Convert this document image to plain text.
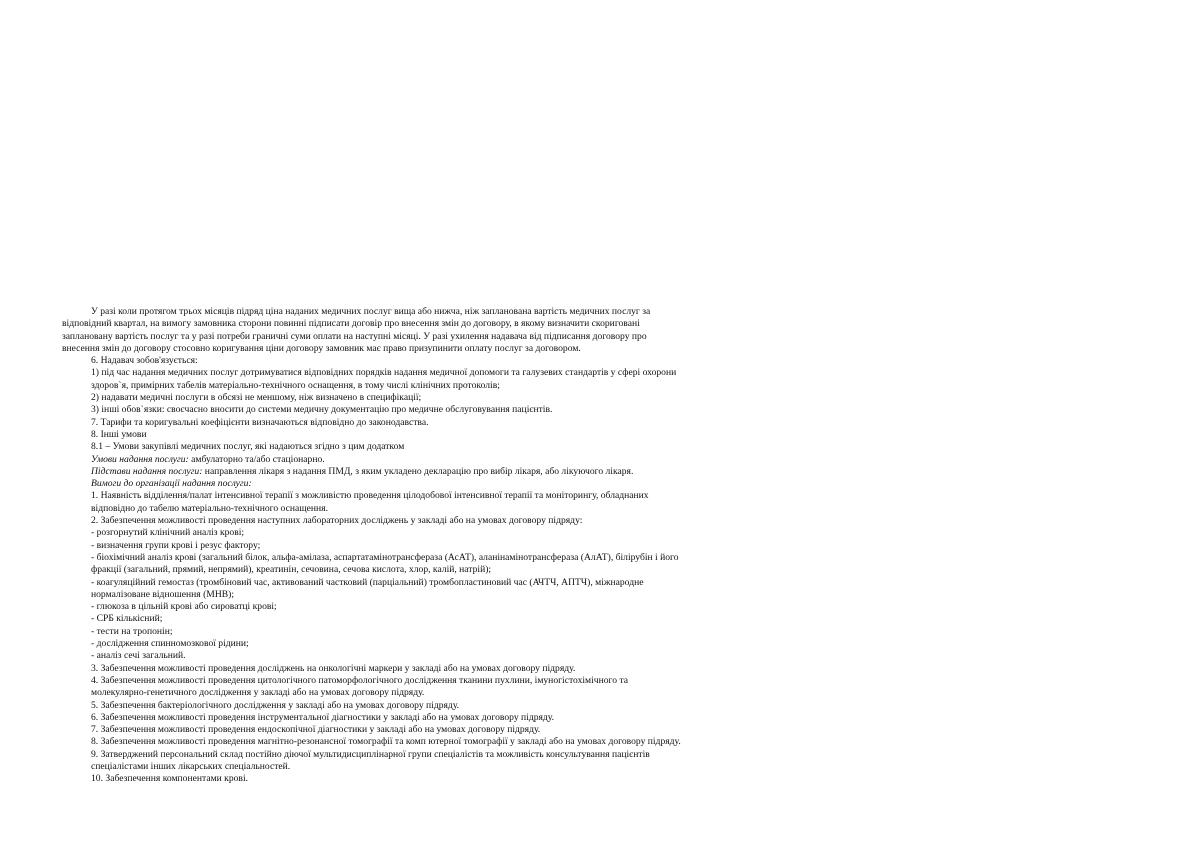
У разі коли протягом трьох місяців підряд ціна наданих медичних послуг вища або нижча, ніж запланована вартість медичних послуг за

відповідний квартал, на вимогу замовника сторони повинні підписати договір про внесення змін до договору, в якому визначити скориговані

заплановану вартість послуг та у разі потреби граничні суми оплати на наступні місяці. У разі ухилення надавача від підписання договору про

внесення змін до договору стосовно коригування ціни договору замовник має право призупинити оплату послуг за договором.

6. Надавач зобов'язується:

1) під час надання медичних послуг дотримуватися відповідних порядків надання медичної допомоги та галузевих стандартів у сфері охорони

здоров`я, примірних табелів матеріально-технічного оснащення, в тому числі клінічних протоколів;

2) надавати медичні послуги в обсязі не меншому, ніж визначено в специфікації;

3) інші обов`язки: своєчасно вносити до системи медичну документацію про медичне обслуговування пацієнтів.

7. Тарифи та коригувальні коефіцієнти визначаються відповідно до законодавства.

8. Інші умови

8.1 – Умови закупівлі медичних послуг, які надаються згідно з цим додатком

Умови надання послуги: амбулаторно та/або стаціонарно.

Підстави надання послуги: направлення лікаря з надання ПМД, з яким укладено декларацію про вибір лікаря, або лікуючого лікаря.

Вимоги до організації надання послуги:

1. Наявність відділення/палат інтенсивної терапії з можливістю проведення цілодобової інтенсивної терапії та моніторингу, обладнаних

відповідно до табелю матеріально-технічного оснащення.

2. Забезпечення можливості проведення наступних лабораторних досліджень у закладі або на умовах договору підряду:

- розгорнутий клінічний аналіз крові;

- визначення групи крові і резус фактору;

- біохімічний аналіз крові (загальний білок, альфа-амілаза, аспартатамінотрансфераза (АсАТ), аланінамінотрансфераза (АлАТ), білірубін і його

фракції (загальний, прямий, непрямий), креатинін, сечовина, сечова кислота, хлор, калій, натрій);

- коагуляційний гемостаз (тромбіновий час, активований частковий (парціальний) тромбопластиновий час (АЧТЧ, АПТЧ), міжнародне

нормалізоване відношення (МНВ);

- глюкоза в цільній крові або сироватці крові;

- СРБ кількісний;

- тести на тропонін;

- дослідження спинномозкової рідини;

- аналіз сечі загальний.

3. Забезпечення можливості проведення досліджень на онкологічні маркери у закладі або на умовах договору підряду.

4. Забезпечення можливості проведення цитологічного патоморфологічного дослідження тканини пухлини, імуногістохімічного та

молекулярно-генетичного дослідження у закладі або на умовах договору підряду.

5. Забезпечення бактеріологічного дослідження у закладі або на умовах договору підряду.

6. Забезпечення можливості проведення інструментальної діагностики у закладі або на умовах договору підряду.

7. Забезпечення можливості проведення ендоскопічної діагностики у закладі або на умовах договору підряду.

8. Забезпечення можливості проведення магнітно-резонансної томографії та комп ютерної томографії у закладі або на умовах договору підряду.

9. Затверджений персональний склад постійно діючої мультидисциплінарної групи спеціалістів та можливість консультування пацієнтів

спеціалістами інших лікарських спеціальностей.

10. Забезпечення компонентами крові.
